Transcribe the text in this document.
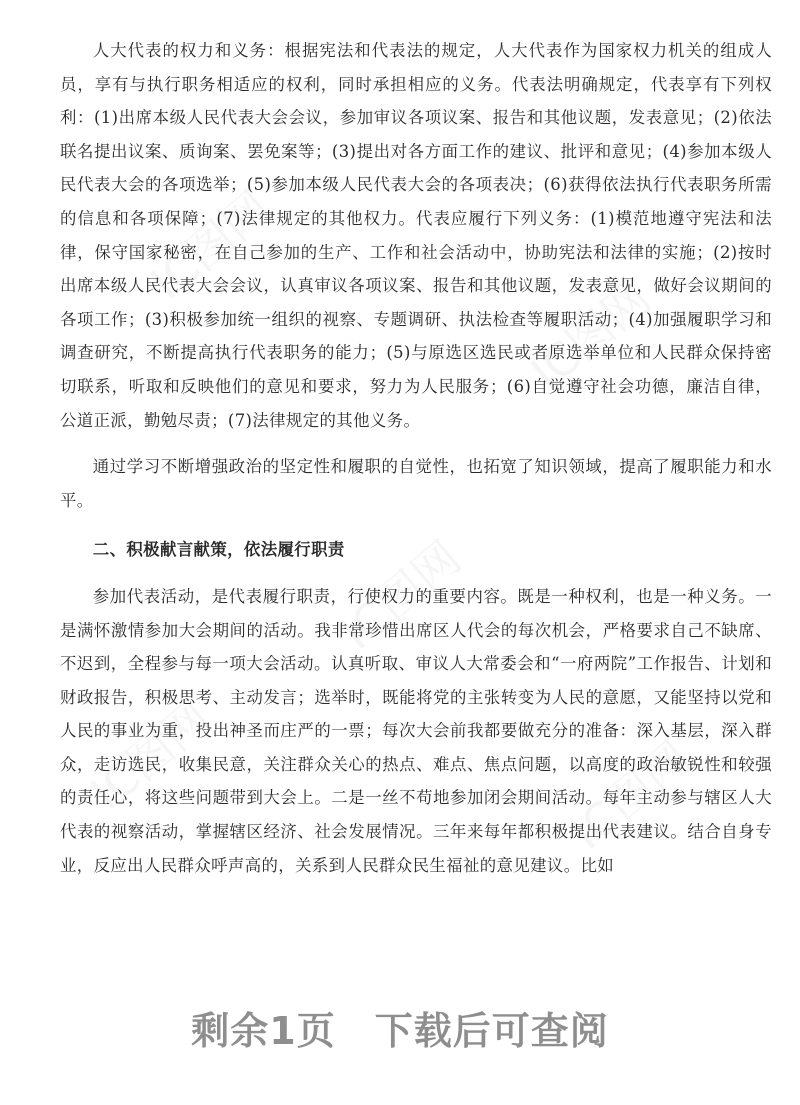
IC图网
IC图网
IC图网
IC图网	IC图网

人大代表的权力和义务：根据宪法和代表法的规定，人大代表作为国家权力机关的组成人员，享有与执行职务相适应的权利，同时承担相应的义务。代表法明确规定，代表享有下列权利：(1)出席本级人民代表大会会议，参加审议各项议案、报告和其他议题，发表意见；(2)依法联名提出议案、质询案、罢免案等；(3)提出对各方面工作的建议、批评和意见；(4)参加本级人民代表大会的各项选举；(5)参加本级人民代表大会的各项表决；(6)获得依法执行代表职务所需的信息和各项保障；(7)法律规定的其他权力。代表应履行下列义务：(1)模范地遵守宪法和法律，保守国家秘密，在自己参加的生产、工作和社会活动中，协助宪法和法律的实施；(2)按时出席本级人民代表大会会议，认真审议各项议案、报告和其他议题，发表意见，做好会议期间的各项工作；(3)积极参加统一组织的视察、专题调研、执法检查等履职活动；(4)加强履职学习和调查研究，不断提高执行代表职务的能力；(5)与原选区选民或者原选举单位和人民群众保持密切联系，听取和反映他们的意见和要求，努力为人民服务；(6)自觉遵守社会功德，廉洁自律，公道正派，勤勉尽责；(7)法律规定的其他义务。

通过学习不断增强政治的坚定性和履职的自觉性，也拓宽了知识领域，提高了履职能力和水平。

二、积极献言献策，依法履行职责

参加代表活动，是代表履行职责，行使权力的重要内容。既是一种权利，也是一种义务。一是满怀激情参加大会期间的活动。我非常珍惜出席区人代会的每次机会，严格要求自己不缺席、不迟到，全程参与每一项大会活动。认真听取、审议人大常委会和“一府两院”工作报告、计划和财政报告，积极思考、主动发言；选举时，既能将党的主张转变为人民的意愿，又能坚持以党和人民的事业为重，投出神圣而庄严的一票；每次大会前我都要做充分的准备：深入基层，深入群众，走访选民，收集民意，关注群众关心的热点、难点、焦点问题，以高度的政治敏锐性和较强的责任心，将这些问题带到大会上。二是一丝不苟地参加闭会期间活动。每年主动参与辖区人大代表的视察活动，掌握辖区经济、社会发展情况。三年来每年都积极提出代表建议。结合自身专业，反应出人民群众呼声高的，关系到人民群众民生福祉的意见建议。比如

剩余1页　下载后可查阅
